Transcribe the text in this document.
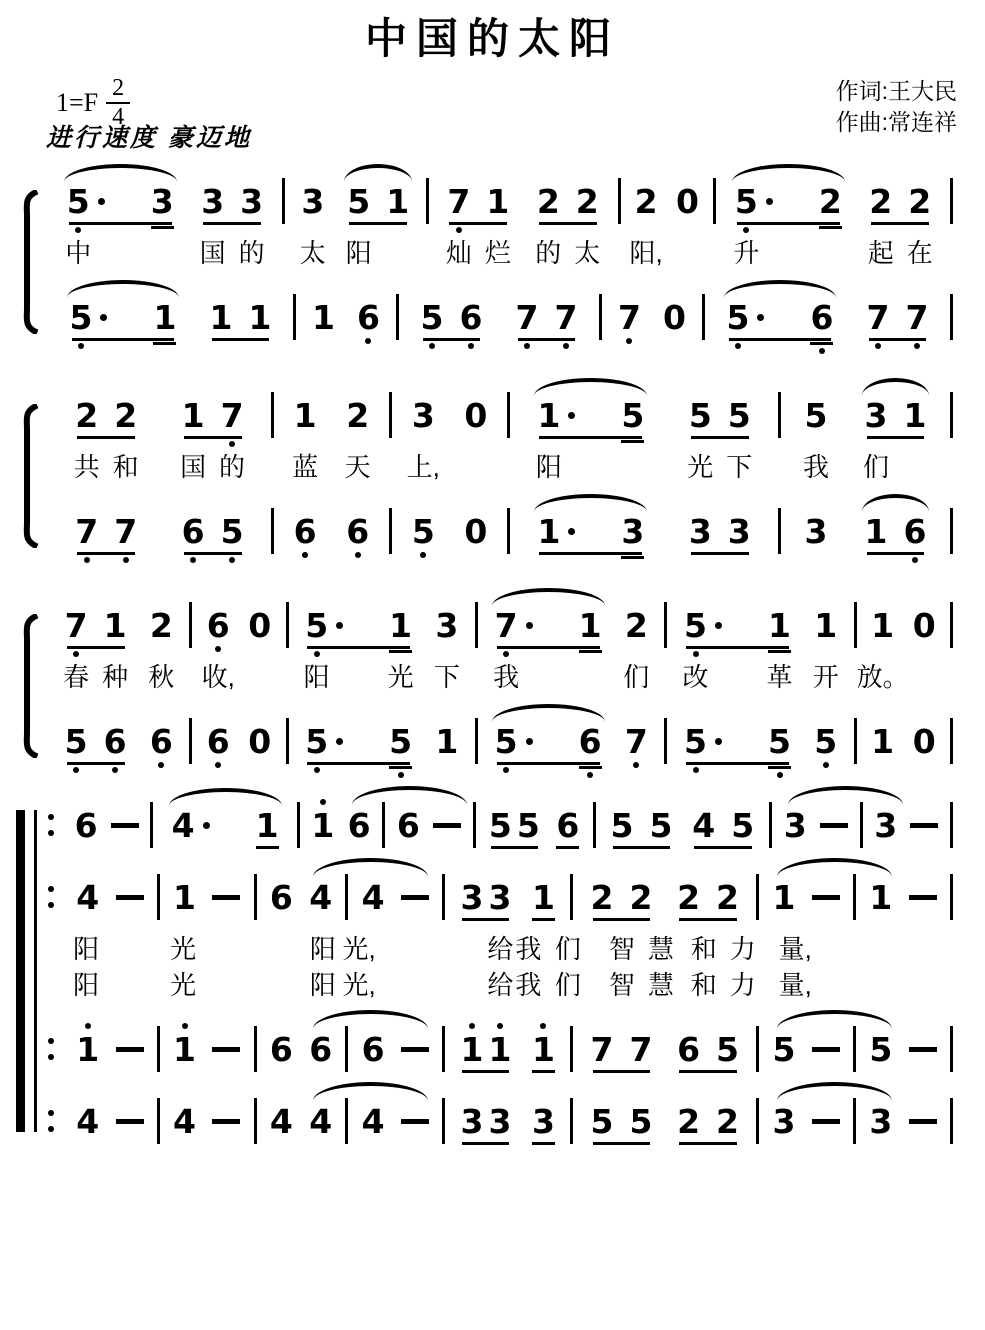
中国的太阳
$1=F \frac{2}{4}$
进行速度 豪迈地
作词:王大民
作曲:常连祥
5 3 3 3 3 5 1 7 1 2 2 2 0 5 2 2 2
中	国 的 太 阳	灿 烂 的 太 阳,	升	起 在
5 1 1 1 1 6 5 6 7 7 7 0 5 6 7 7
2 2 1 7 1 2 3 0 1 5 5 5 5 3 1
共 和 国 的 蓝 天 上,	阳	光 下 我 们
7 7 6 5 6 6 5 0 1 3 3 3 3 1 6
7 1 2 6 0 5 1 3 7 1 2 5 1 1 1 0
春 种 秋 收,	阳 光 下 我	们 改 革 开 放。
5 6 6 6 0 5 5 1 5 6 7 5 5 5 1 0
6 4 1 1 6 6 5 5 6 5 5 4 5 3 3
4 1 6 4 4 3 3 1 2 2 2 2 1 1
阳	光	阳 光,	给 我 们 智 慧 和 力 量,
阳	光	阳 光,	给 我 们 智 慧 和 力 量,
1 1 6 6 6 1 1 1 7 7 6 5 5 5
4 4 4 4 4 3 3 3 5 5 2 2 3 3
